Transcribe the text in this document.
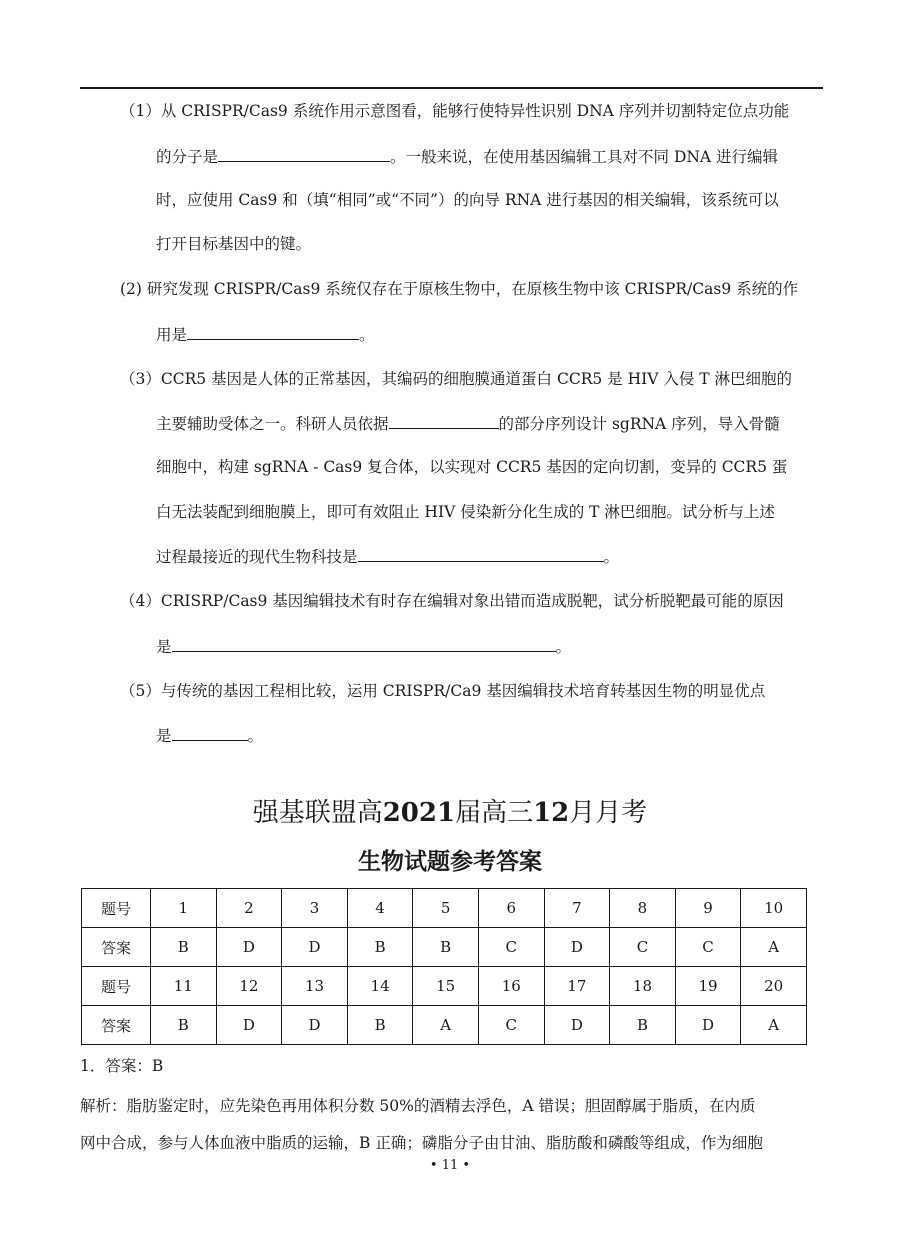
（1）从 CRISPR/Cas9 系统作用示意图看，能够行使特异性识别 DNA 序列并切割特定位点功能
的分子是	。一般来说，在使用基因编辑工具对不同 DNA 进行编辑
时，应使用 Cas9 和（填“相同”或“不同”）的向导 RNA 进行基因的相关编辑，该系统可以
打开目标基因中的键。
(2) 研究发现 CRISPR/Cas9 系统仅存在于原核生物中，在原核生物中该 CRISPR/Cas9 系统的作
用是	。
（3）CCR5 基因是人体的正常基因，其编码的细胞膜通道蛋白 CCR5 是 HIV 入侵 T 淋巴细胞的
主要辅助受体之一。科研人员依据	的部分序列设计 sgRNA 序列，导入骨髓
细胞中，构建 sgRNA - Cas9 复合体，以实现对 CCR5 基因的定向切割，变异的 CCR5 蛋
白无法装配到细胞膜上，即可有效阻止 HIV 侵染新分化生成的 T 淋巴细胞。试分析与上述
过程最接近的现代生物科技是	。
（4）CRISRP/Cas9 基因编辑技术有时存在编辑对象出错而造成脱靶，试分析脱靶最可能的原因
是	。
（5）与传统的基因工程相比较，运用 CRISPR/Ca9 基因编辑技术培育转基因生物的明显优点
是	。
强基联盟高2021届高三12月月考
生物试题参考答案
题号	1	2	3	4	5	6	7	8	9	10
答案	B	D	D	B	B	C	D	C	C	A
题号	11	12	13	14	15	16	17	18	19	20
答案	B	D	D	B	A	C	D	B	D	A
1．答案：B
解析：脂肪鉴定时，应先染色再用体积分数 50%的酒精去浮色，A 错误；胆固醇属于脂质，在内质
网中合成，参与人体血液中脂质的运输，B 正确；磷脂分子由甘油、脂肪酸和磷酸等组成，作为细胞
• 11 •
